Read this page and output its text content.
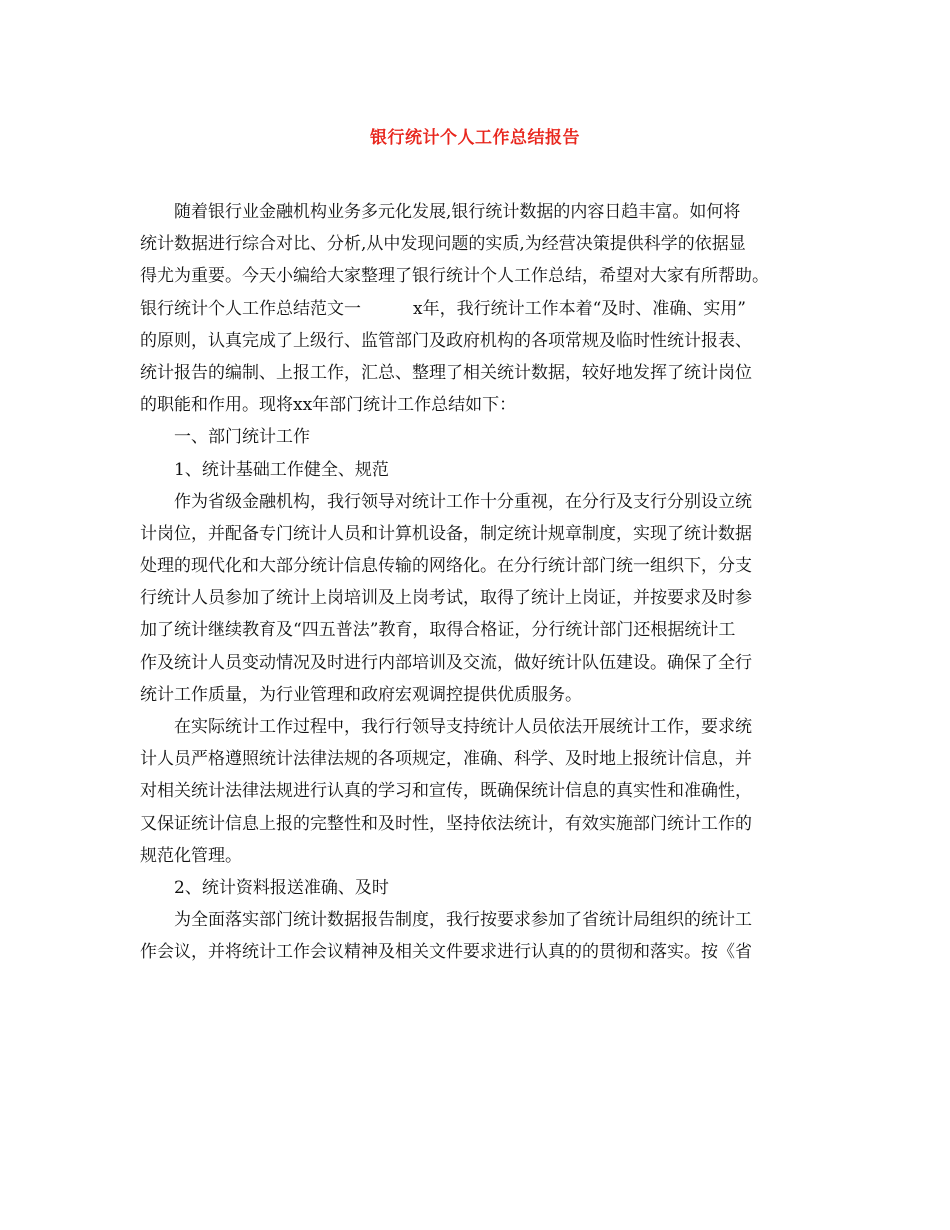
银行统计个人工作总结报告
随着银行业金融机构业务多元化发展,银行统计数据的内容日趋丰富。如何将
统计数据进行综合对比、分析,从中发现问题的实质,为经营决策提供科学的依据显
得尤为重要。今天小编给大家整理了银行统计个人工作总结，希望对大家有所帮助。
银行统计个人工作总结范文一	x年，我行统计工作本着“及时、准确、实用”
的原则，认真完成了上级行、监管部门及政府机构的各项常规及临时性统计报表、
统计报告的编制、上报工作，汇总、整理了相关统计数据，较好地发挥了统计岗位
的职能和作用。现将xx年部门统计工作总结如下：
一、部门统计工作
1、统计基础工作健全、规范
作为省级金融机构，我行领导对统计工作十分重视，在分行及支行分别设立统
计岗位，并配备专门统计人员和计算机设备，制定统计规章制度，实现了统计数据
处理的现代化和大部分统计信息传输的网络化。在分行统计部门统一组织下，分支
行统计人员参加了统计上岗培训及上岗考试，取得了统计上岗证，并按要求及时参
加了统计继续教育及“四五普法”教育，取得合格证，分行统计部门还根据统计工
作及统计人员变动情况及时进行内部培训及交流，做好统计队伍建设。确保了全行
统计工作质量，为行业管理和政府宏观调控提供优质服务。
在实际统计工作过程中，我行行领导支持统计人员依法开展统计工作，要求统
计人员严格遵照统计法律法规的各项规定，准确、科学、及时地上报统计信息，并
对相关统计法律法规进行认真的学习和宣传，既确保统计信息的真实性和准确性，
又保证统计信息上报的完整性和及时性，坚持依法统计，有效实施部门统计工作的
规范化管理。
2、统计资料报送准确、及时
为全面落实部门统计数据报告制度，我行按要求参加了省统计局组织的统计工
作会议，并将统计工作会议精神及相关文件要求进行认真的的贯彻和落实。按《省
